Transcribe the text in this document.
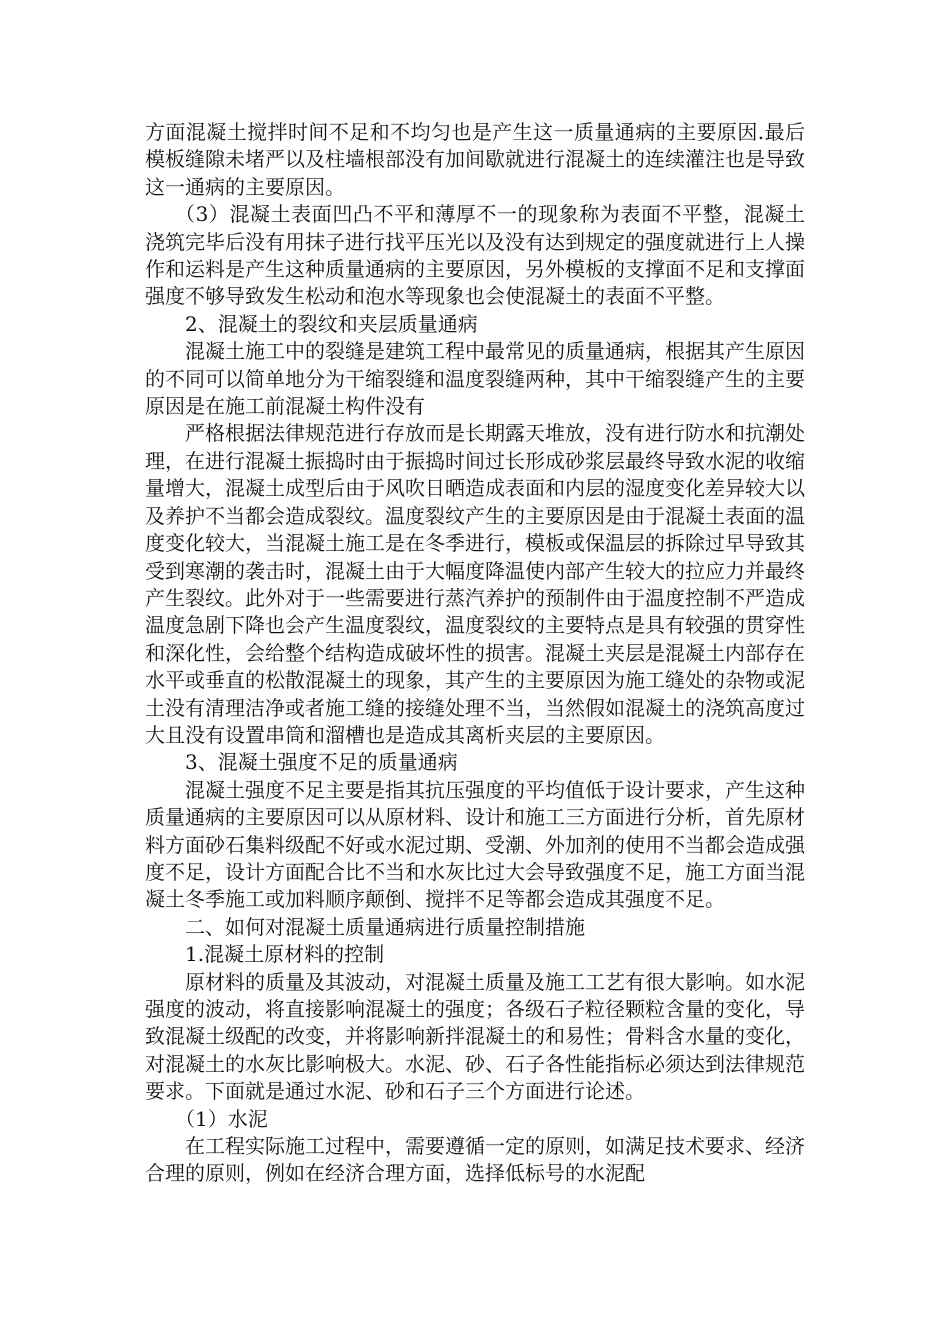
方面混凝土搅拌时间不足和不均匀也是产生这一质量通病的主要原因.最后模板缝隙未堵严以及柱墙根部没有加间歇就进行混凝土的连续灌注也是导致这一通病的主要原因。

（3）混凝土表面凹凸不平和薄厚不一的现象称为表面不平整，混凝土浇筑完毕后没有用抹子进行找平压光以及没有达到规定的强度就进行上人操作和运料是产生这种质量通病的主要原因，另外模板的支撑面不足和支撑面强度不够导致发生松动和泡水等现象也会使混凝土的表面不平整。

2、混凝土的裂纹和夹层质量通病

混凝土施工中的裂缝是建筑工程中最常见的质量通病，根据其产生原因的不同可以简单地分为干缩裂缝和温度裂缝两种，其中干缩裂缝产生的主要原因是在施工前混凝土构件没有

严格根据法律规范进行存放而是长期露天堆放，没有进行防水和抗潮处理，在进行混凝土振捣时由于振捣时间过长形成砂浆层最终导致水泥的收缩量增大，混凝土成型后由于风吹日晒造成表面和内层的湿度变化差异较大以及养护不当都会造成裂纹。温度裂纹产生的主要原因是由于混凝土表面的温度变化较大，当混凝土施工是在冬季进行，模板或保温层的拆除过早导致其受到寒潮的袭击时，混凝土由于大幅度降温使内部产生较大的拉应力并最终产生裂纹。此外对于一些需要进行蒸汽养护的预制件由于温度控制不严造成温度急剧下降也会产生温度裂纹，温度裂纹的主要特点是具有较强的贯穿性和深化性，会给整个结构造成破坏性的损害。混凝土夹层是混凝土内部存在水平或垂直的松散混凝土的现象，其产生的主要原因为施工缝处的杂物或泥土没有清理洁净或者施工缝的接缝处理不当，当然假如混凝土的浇筑高度过大且没有设置串筒和溜槽也是造成其离析夹层的主要原因。

3、混凝土强度不足的质量通病

混凝土强度不足主要是指其抗压强度的平均值低于设计要求，产生这种质量通病的主要原因可以从原材料、设计和施工三方面进行分析，首先原材料方面砂石集料级配不好或水泥过期、受潮、外加剂的使用不当都会造成强度不足，设计方面配合比不当和水灰比过大会导致强度不足，施工方面当混凝土冬季施工或加料顺序颠倒、搅拌不足等都会造成其强度不足。

二、如何对混凝土质量通病进行质量控制措施

1.混凝土原材料的控制

原材料的质量及其波动，对混凝土质量及施工工艺有很大影响。如水泥强度的波动，将直接影响混凝土的强度；各级石子粒径颗粒含量的变化，导致混凝土级配的改变，并将影响新拌混凝土的和易性；骨料含水量的变化，对混凝土的水灰比影响极大。水泥、砂、石子各性能指标必须达到法律规范要求。下面就是通过水泥、砂和石子三个方面进行论述。

（1）水泥

在工程实际施工过程中，需要遵循一定的原则，如满足技术要求、经济合理的原则，例如在经济合理方面，选择低标号的水泥配
